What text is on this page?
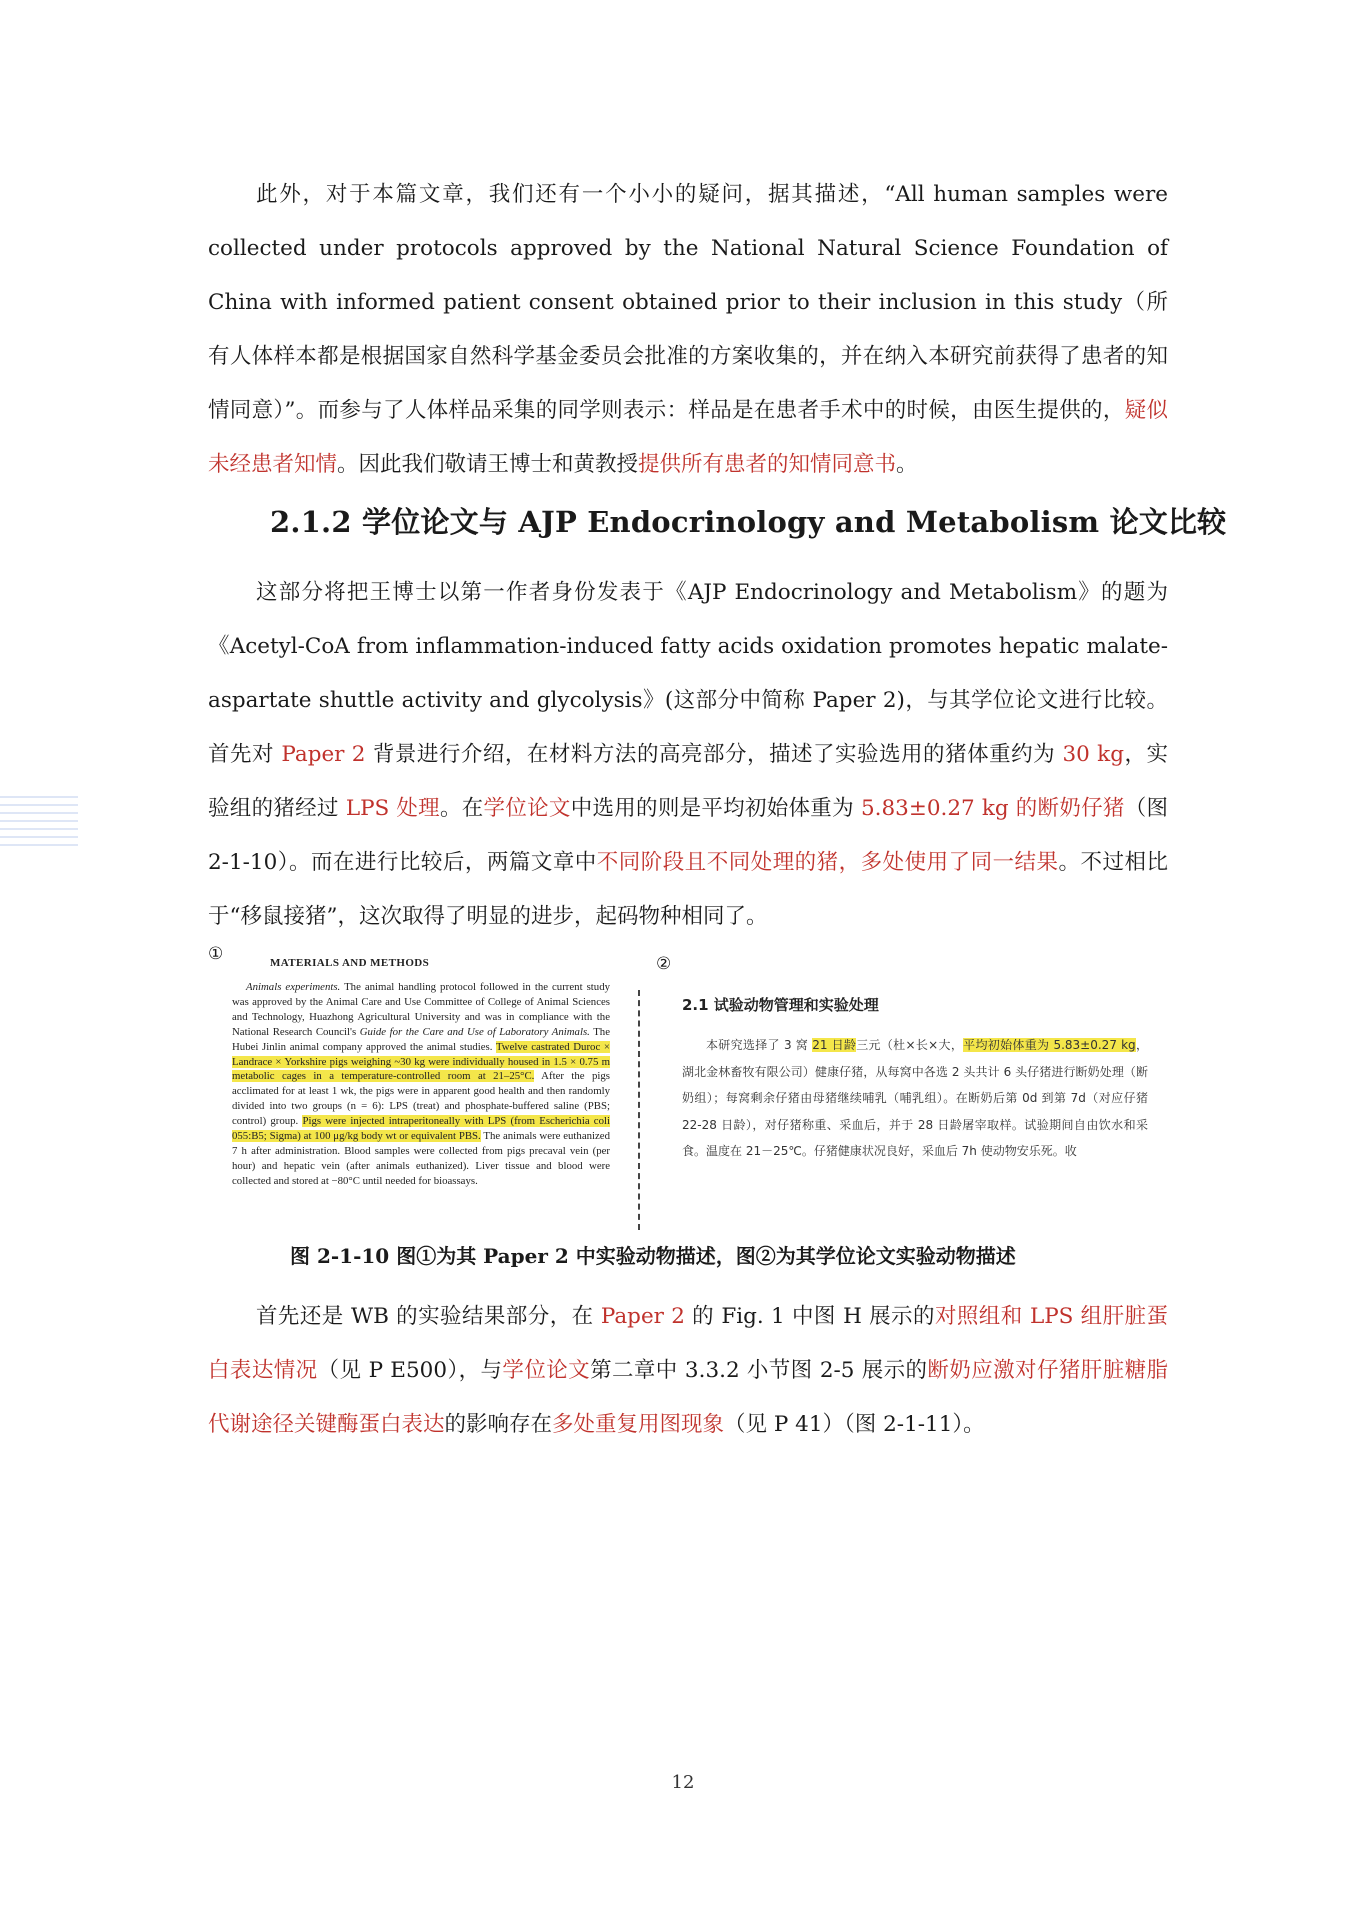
此外，对于本篇文章，我们还有一个小小的疑问，据其描述，“All human samples were collected under protocols approved by the National Natural Science Foundation of China with informed patient consent obtained prior to their inclusion in this study（所有人体样本都是根据国家自然科学基金委员会批准的方案收集的，并在纳入本研究前获得了患者的知情同意）”。而参与了人体样品采集的同学则表示：样品是在患者手术中的时候，由医生提供的，疑似未经患者知情。因此我们敬请王博士和黄教授提供所有患者的知情同意书。

2.1.2 学位论文与 AJP Endocrinology and Metabolism 论文比较

这部分将把王博士以第一作者身份发表于《AJP Endocrinology and Metabolism》的题为《Acetyl-CoA from inflammation-induced fatty acids oxidation promotes hepatic malate-aspartate shuttle activity and glycolysis》(这部分中简称 Paper 2)，与其学位论文进行比较。首先对 Paper 2 背景进行介绍，在材料方法的高亮部分，描述了实验选用的猪体重约为 30 kg，实验组的猪经过 LPS 处理。在学位论文中选用的则是平均初始体重为 5.83±0.27 kg 的断奶仔猪（图 2-1-10）。而在进行比较后，两篇文章中不同阶段且不同处理的猪，多处使用了同一结果。不过相比于“移鼠接猪”，这次取得了明显的进步，起码物种相同了。

①	②
MATERIALS AND METHODS
Animals experiments. The animal handling protocol followed in the current study was approved by the Animal Care and Use Committee of College of Animal Sciences and Technology, Huazhong Agricultural University and was in compliance with the National Research Council's Guide for the Care and Use of Laboratory Animals. The Hubei Jinlin animal company approved the animal studies. Twelve castrated Duroc × Landrace × Yorkshire pigs weighing ~30 kg were individually housed in 1.5 × 0.75 m metabolic cages in a temperature-controlled room at 21–25°C. After the pigs acclimated for at least 1 wk, the pigs were in apparent good health and then randomly divided into two groups (n = 6): LPS (treat) and phosphate-buffered saline (PBS; control) group. Pigs were injected intraperitoneally with LPS (from Escherichia coli 055:B5; Sigma) at 100 μg/kg body wt or equivalent PBS. The animals were euthanized 7 h after administration. Blood samples were collected from pigs precaval vein (per hour) and hepatic vein (after animals euthanized). Liver tissue and blood were collected and stored at −80°C until needed for bioassays.
2.1 试验动物管理和实验处理
本研究选择了 3 窝 21 日龄三元（杜×长×大，平均初始体重为 5.83±0.27 kg，湖北金林畜牧有限公司）健康仔猪，从每窝中各选 2 头共计 6 头仔猪进行断奶处理（断奶组）；每窝剩余仔猪由母猪继续哺乳（哺乳组）。在断奶后第 0d 到第 7d（对应仔猪 22-28 日龄），对仔猪称重、采血后，并于 28 日龄屠宰取样。试验期间自由饮水和采食。温度在 21－25℃。仔猪健康状况良好，采血后 7h 使动物安乐死。收
图 2-1-10 图①为其 Paper 2 中实验动物描述，图②为其学位论文实验动物描述

首先还是 WB 的实验结果部分，在 Paper 2 的 Fig. 1 中图 H 展示的对照组和 LPS 组肝脏蛋白表达情况（见 P E500），与学位论文第二章中 3.3.2 小节图 2-5 展示的断奶应激对仔猪肝脏糖脂代谢途径关键酶蛋白表达的影响存在多处重复用图现象（见 P 41）（图 2-1-11）。

12
